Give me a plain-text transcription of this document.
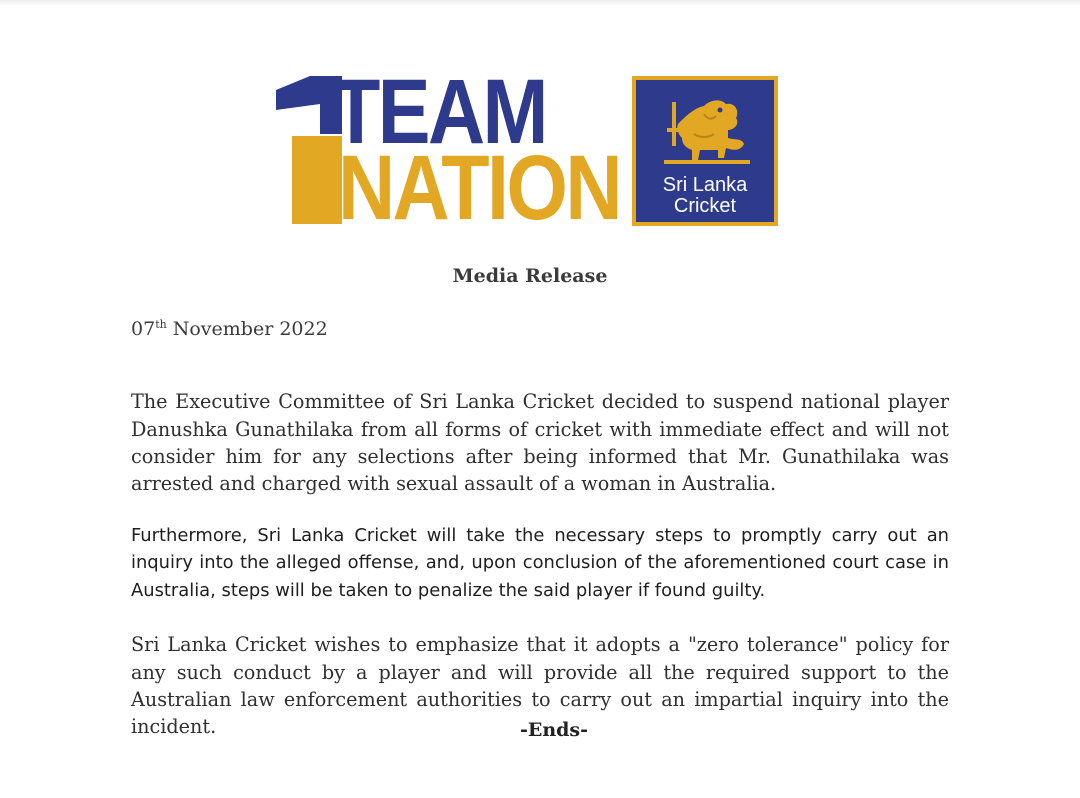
TEAM
NATION	Sri Lanka
Cricket
Media Release
07th November 2022

The Executive Committee of Sri Lanka Cricket decided to suspend national player Danushka Gunathilaka from all forms of cricket with immediate effect and will not consider him for any selections after being informed that Mr. Gunathilaka was arrested and charged with sexual assault of a woman in Australia.

Furthermore, Sri Lanka Cricket will take the necessary steps to promptly carry out an inquiry into the alleged offense, and, upon conclusion of the aforementioned court case in Australia, steps will be taken to penalize the said player if found guilty.

Sri Lanka Cricket wishes to emphasize that it adopts a "zero tolerance" policy for any such conduct by a player and will provide all the required support to the Australian law enforcement authorities to carry out an impartial inquiry into the incident.	-Ends-
